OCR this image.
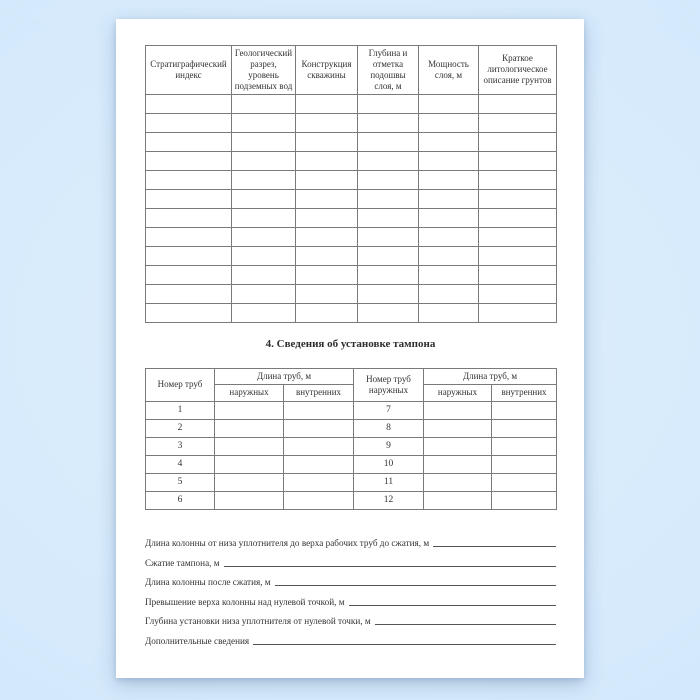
Стратиграфический индекс	Геологический разрез, уровень подземных вод	Конструкция скважины	Глубина и отметка подошвы слоя, м	Мощность слоя, м	Краткое литологическое описание грунтов

4. Сведения об установке тампона
Номер труб	Длина труб, м		Номер труб наружных	Длина труб, м	
	наружных	внутренних		наружных	внутренних
1			7		
2			8		
3			9		
4			10		
5			11		
6			12		
Длина колонны от низа уплотнителя до верха рабочих труб до сжатия, м
Сжатие тампона, м
Длина колонны после сжатия, м
Превышение верха колонны над нулевой точкой, м
Глубина установки низа уплотнителя от нулевой точки, м
Дополнительные сведения
